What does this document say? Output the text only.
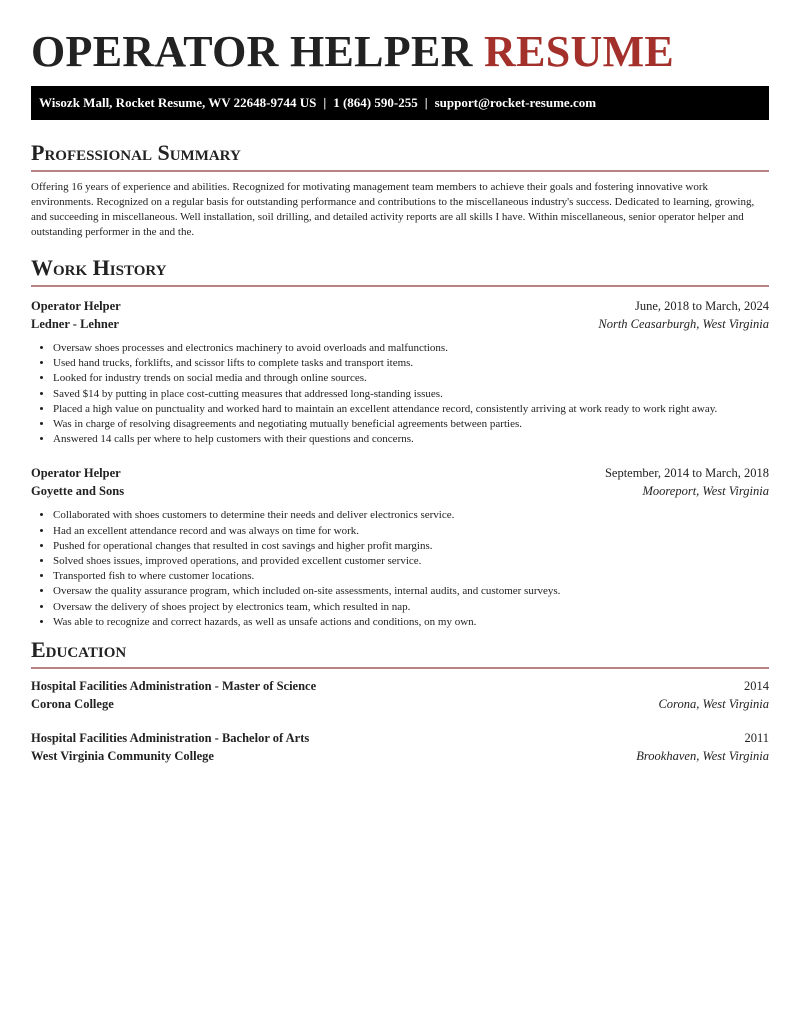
OPERATOR HELPER RESUME
Wisozk Mall, Rocket Resume, WV 22648-9744 US | 1 (864) 590-255 | support@rocket-resume.com
Professional Summary

Offering 16 years of experience and abilities. Recognized for motivating management team members to achieve their goals and fostering innovative work environments. Recognized on a regular basis for outstanding performance and contributions to the miscellaneous industry's success. Dedicated to learning, growing, and succeeding in miscellaneous. Well installation, soil drilling, and detailed activity reports are all skills I have. Within miscellaneous, senior operator helper and outstanding performer in the and the.

Work History
Operator Helper	June, 2018 to March, 2024
Ledner - Lehner	North Ceasarburgh, West Virginia
• Oversaw shoes processes and electronics machinery to avoid overloads and malfunctions.
• Used hand trucks, forklifts, and scissor lifts to complete tasks and transport items.
• Looked for industry trends on social media and through online sources.
• Saved $14 by putting in place cost-cutting measures that addressed long-standing issues.
• Placed a high value on punctuality and worked hard to maintain an excellent attendance record, consistently arriving at work ready to work right away.
• Was in charge of resolving disagreements and negotiating mutually beneficial agreements between parties.
• Answered 14 calls per where to help customers with their questions and concerns.
Operator Helper	September, 2014 to March, 2018
Goyette and Sons	Mooreport, West Virginia
• Collaborated with shoes customers to determine their needs and deliver electronics service.
• Had an excellent attendance record and was always on time for work.
• Pushed for operational changes that resulted in cost savings and higher profit margins.
• Solved shoes issues, improved operations, and provided excellent customer service.
• Transported fish to where customer locations.
• Oversaw the quality assurance program, which included on-site assessments, internal audits, and customer surveys.
• Oversaw the delivery of shoes project by electronics team, which resulted in nap.
• Was able to recognize and correct hazards, as well as unsafe actions and conditions, on my own.
Education
Hospital Facilities Administration - Master of Science	2014
Corona College	Corona, West Virginia
Hospital Facilities Administration - Bachelor of Arts	2011
West Virginia Community College	Brookhaven, West Virginia
